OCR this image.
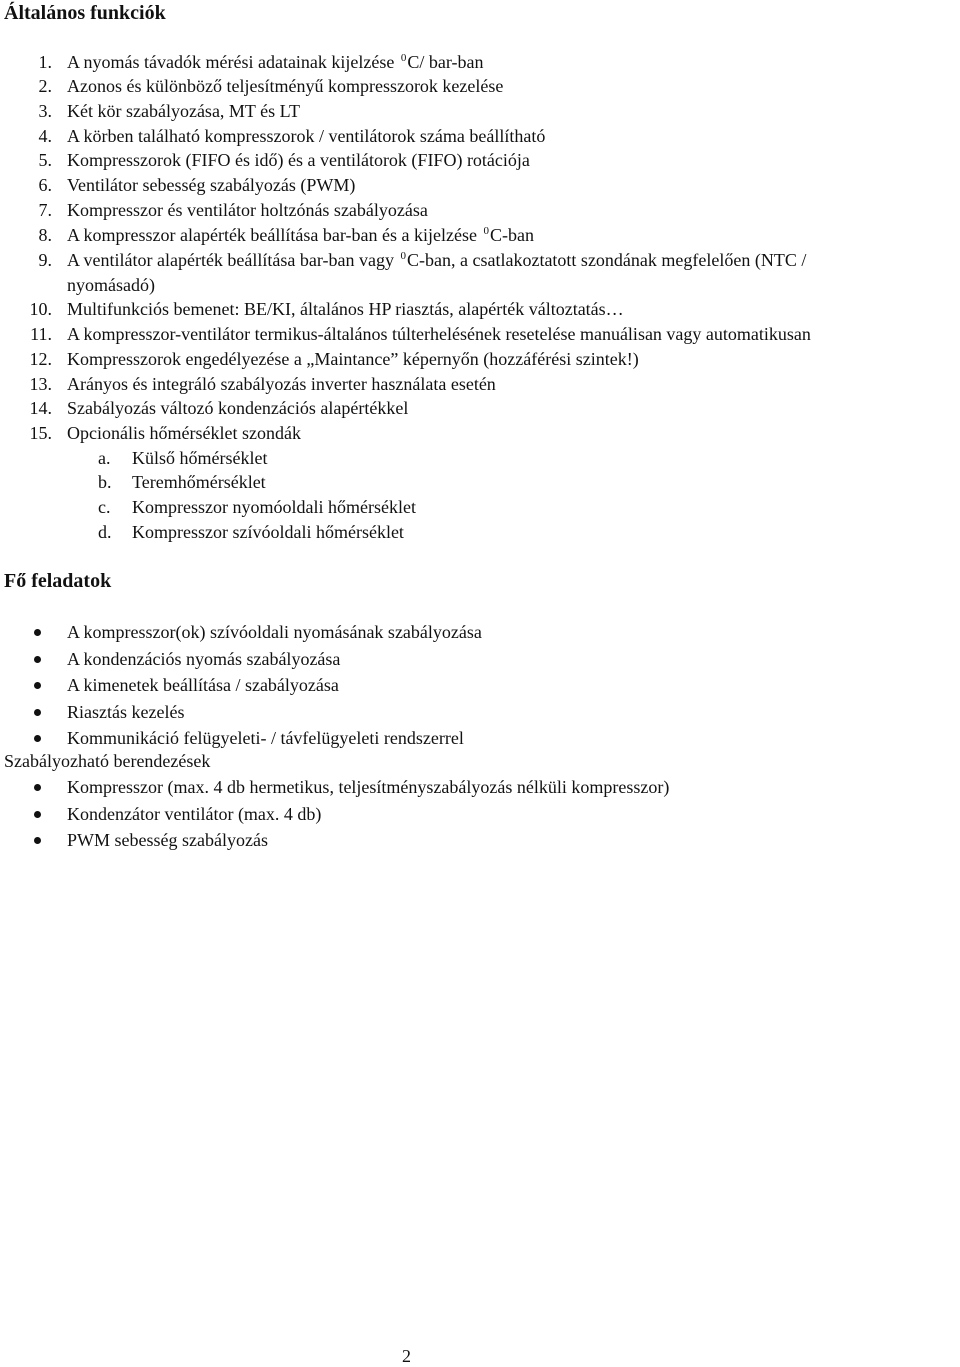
Általános funkciók
1. A nyomás távadók mérési adatainak kijelzése $^0$C/ bar-ban
2. Azonos és különböző teljesítményű kompresszorok kezelése
3. Két kör szabályozása, MT és LT
4. A körben található kompresszorok / ventilátorok száma beállítható
5. Kompresszorok (FIFO és idő) és a ventilátorok (FIFO) rotációja
6. Ventilátor sebesség szabályozás (PWM)
7. Kompresszor és ventilátor holtzónás szabályozása
8. A kompresszor alapérték beállítása bar-ban és a kijelzése $^0$C-ban
9. A ventilátor alapérték beállítása bar-ban vagy $^0$C-ban, a csatlakoztatott szondának megfelelően (NTC /
nyomásadó)
10. Multifunkciós bemenet: BE/KI, általános HP riasztás, alapérték változtatás…
11. A kompresszor-ventilátor termikus-általános túlterhelésének resetelése manuálisan vagy automatikusan
12. Kompresszorok engedélyezése a „Maintance” képernyőn (hozzáférési szintek!)
13. Arányos és integráló szabályozás inverter használata esetén
14. Szabályozás változó kondenzációs alapértékkel
15. Opcionális hőmérséklet szondák
a.	Külső hőmérséklet
b.	Teremhőmérséklet
c.	Kompresszor nyomóoldali hőmérséklet
d.	Kompresszor szívóoldali hőmérséklet
Fő feladatok
A kompresszor(ok) szívóoldali nyomásának szabályozása
A kondenzációs nyomás szabályozása
A kimenetek beállítása / szabályozása
Riasztás kezelés
Kommunikáció felügyeleti- / távfelügyeleti rendszerrel
Szabályozható berendezések
Kompresszor (max. 4 db hermetikus, teljesítményszabályozás nélküli kompresszor)
Kondenzátor ventilátor (max. 4 db)
PWM sebesség szabályozás
2
